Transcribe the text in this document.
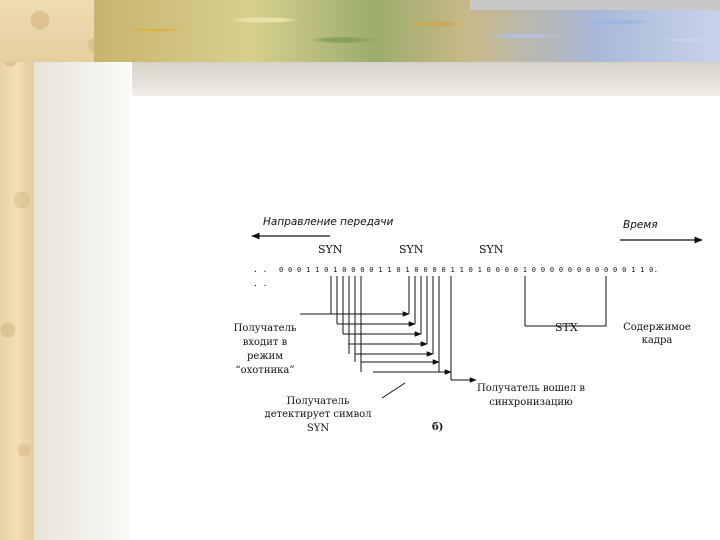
Направление передачи	Время
SYN	SYN	SYN
. . 0 0 0 1 1 0 1 0 0 0 0 1 1 0 1 0 0 0 0 1 1 0 1 0 0 0 0 1 0 0 0 0 0 0 0 0 0 0 0 1 1 0.
. .
STX
Получатель
входит в
режим
“охотника”
Получатель
детектирует символ
SYN
Получатель вошел в
синхронизацию
Содержимое
кадра
б)
